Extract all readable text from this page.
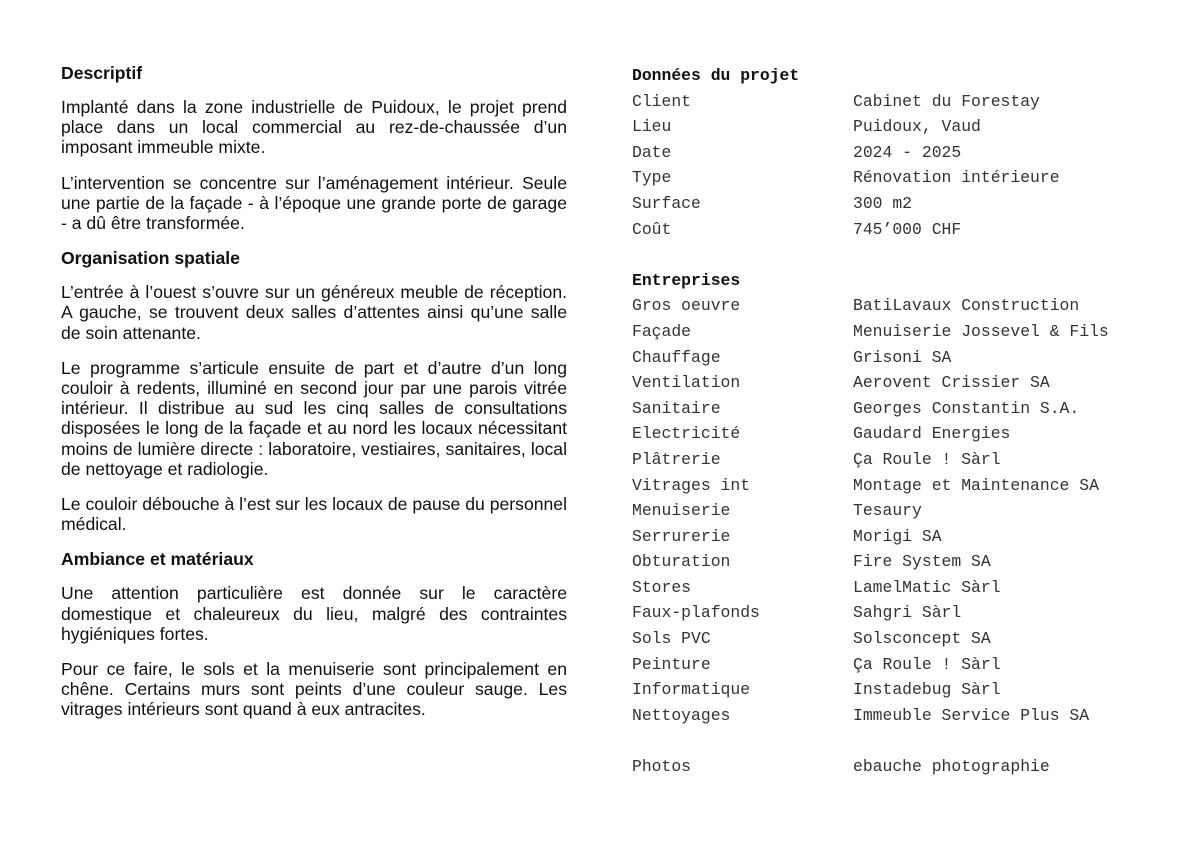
Descriptif

Implanté dans la zone industrielle de Puidoux, le projet prend place dans un local commercial au rez-de-chaussée d’un imposant immeuble mixte.

L’intervention se concentre sur l’aménagement intérieur. Seule une partie de la façade - à l’époque une grande porte de garage - a dû être transformée.

Organisation spatiale

L’entrée à l’ouest s’ouvre sur un généreux meuble de réception. A gauche, se trouvent deux salles d’attentes ainsi qu’une salle de soin attenante.

Le programme s’articule ensuite de part et d’autre d’un long couloir à redents, illuminé en second jour par une parois vitrée intérieur. Il distribue au sud les cinq salles de consultations disposées le long de la façade et au nord les locaux nécessitant moins de lumière directe : laboratoire, vestiaires, sanitaires, local de nettoyage et radiologie.

Le couloir débouche à l’est sur les locaux de pause du personnel médical.

Ambiance et matériaux

Une attention particulière est donnée sur le caractère domestique et chaleureux du lieu, malgré des contraintes hygiéniques fortes.

Pour ce faire, le sols et la menuiserie sont principalement en chêne. Certains murs sont peints d’une couleur sauge. Les vitrages intérieurs sont quand à eux antracites.

Données du projet
Client	Cabinet du Forestay
Lieu	Puidoux, Vaud
Date	2024 - 2025
Type	Rénovation intérieure
Surface	300 m2
Coût	745’000 CHF
Entreprises
Gros oeuvre	BatiLavaux Construction
Façade	Menuiserie Jossevel & Fils
Chauffage	Grisoni SA
Ventilation	Aerovent Crissier SA
Sanitaire	Georges Constantin S.A.
Electricité	Gaudard Energies
Plâtrerie	Ça Roule ! Sàrl
Vitrages int	Montage et Maintenance SA
Menuiserie	Tesaury
Serrurerie	Morigi SA
Obturation	Fire System SA
Stores	LamelMatic Sàrl
Faux-plafonds	Sahgri Sàrl
Sols PVC	Solsconcept SA
Peinture	Ça Roule ! Sàrl
Informatique	Instadebug Sàrl
Nettoyages	Immeuble Service Plus SA
Photos	ebauche photographie
